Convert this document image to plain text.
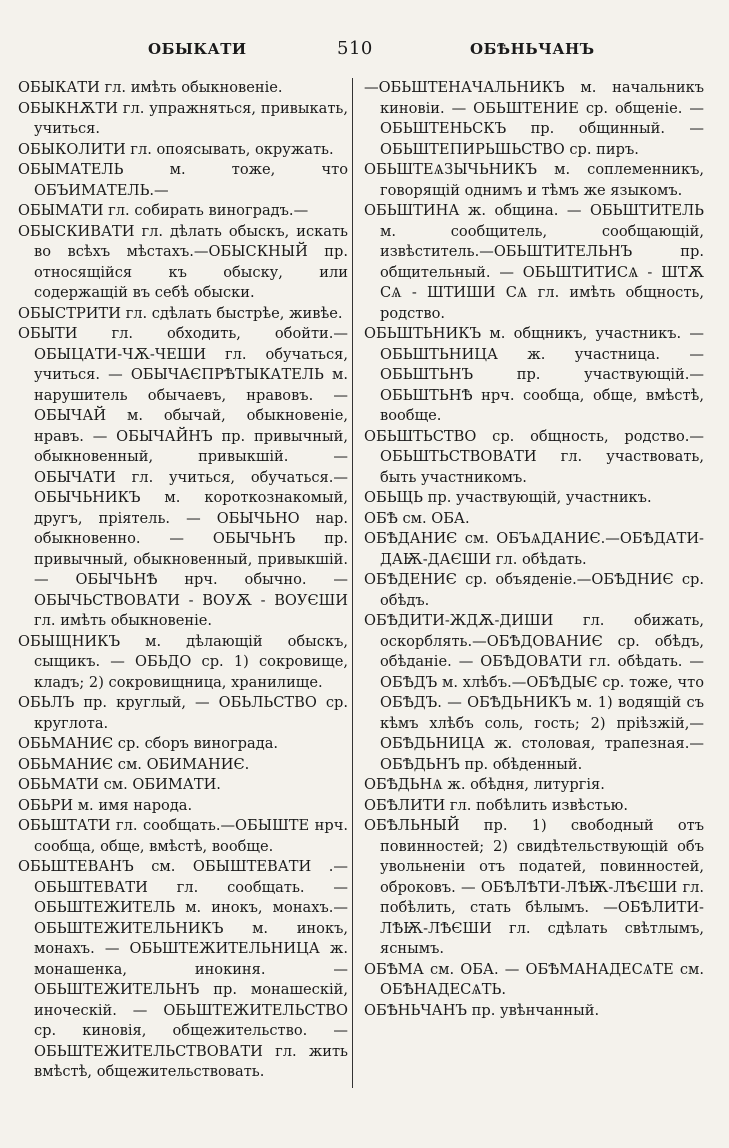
ОБЫКАТИ	510	ОБѢНЬЧАНЪ

ОБЫКАТИ гл. имѣть обыкновеніе.

ОБЫКНѪТИ гл. упражняться, привыкать, учиться.

ОБЫКОЛИТИ гл. опоясывать, окружать.

ОБЫМАТЕЛЬ м. тоже, что ОБЪИМАТЕЛЬ.—

ОБЫМАТИ гл. собирать виноградъ.—

ОБЫСКИВАТИ гл. дѣлать обыскъ, искать во всѣхъ мѣстахъ.—ОБЫСКНЫЙ пр. относящійся къ обыску, или содержащій въ себѣ обыски.

ОБЫСТРИТИ гл. сдѣлать быстрѣе, живѣе.

ОБЫТИ гл. обходить, обойти.—ОБЫЦАТИ-ЧѪ-ЧЕШИ гл. обучаться, учиться. — ОБЫЧАЄПРѢТЫКАТЕЛЬ м. нарушитель обычаевъ, нравовъ. — ОБЫЧАЙ м. обычай, обыкновеніе, нравъ. — ОБЫЧАЙНЪ пр. привычный, обыкновенный, привыкшій. — ОБЫЧАТИ гл. учиться, обучаться.—ОБЫЧЬНИКЪ м. короткознакомый, другъ, пріятель. — ОБЫЧЬНО нар. обыкновенно. — ОБЫЧЬНЪ пр. привычный, обыкновенный, привыкшій. — ОБЫЧЬНѢ нрч. обычно. — ОБЫЧЬСТВОВАТИ - ВОУѪ - ВОУЄШИ гл. имѣть обыкновеніе.

ОБЫЩНИКЪ м. дѣлающій обыскъ, сыщикъ. — ОБЬДО ср. 1) сокровище, кладъ; 2) сокровищница, хранилище.

ОБЬЛЪ пр. круглый, — ОБЬЛЬСТВО ср. круглота.

ОБЬМАНИЄ ср. сборъ винограда.

ОБЬМАНИЄ см. ОБИМАНИЄ.

ОБЬМАТИ см. ОБИМАТИ.

ОБЬРИ м. имя народа.

ОБЬШТАТИ гл. сообщать.—ОБЫШТЕ нрч. сообща, обще, вмѣстѣ, вообще.

ОБЬШТЕВАНЪ см. ОБЫШТЕВАТИ .— ОБЬШТЕВАТИ гл. сообщать. — ОБЬШТЕЖИТЕЛЬ м. инокъ, монахъ.—ОБЬШТЕЖИТЕЛЬНИКЪ м. инокъ, монахъ. — ОБЬШТЕЖИТЕЛЬНИЦА ж. монашенка, инокиня. — ОБЬШТЕЖИТЕЛЬНЪ пр. монашескій, иноческій. — ОБЬШТЕЖИТЕЛЬСТВО ср. киновія, общежительство. — ОБЬШТЕЖИТЕЛЬСТВОВАТИ гл. жить вмѣстѣ, общежительствовать.

—ОБЬШТЕНАЧАЛЬНИКЪ м. начальникъ киновіи. — ОБЬШТЕНИЕ ср. общеніе. —ОБЬШТЕНЬСКЪ пр. общинный. — ОБЬШТЕПИРЬШЬСТВО ср. пиръ.

ОБЬШТЕѦЗЫЧЬНИКЪ м. соплеменникъ, говорящій однимъ и тѣмъ же языкомъ.

ОБЬШТИНА ж. община. — ОБЬШТИТЕЛЬ м. сообщитель, сообщающій, извѣститель.—ОБЬШТИТЕЛЬНЪ пр. общительный. — ОБЬШТИТИСѦ - ШТѪ СѦ - ШТИШИ СѦ гл. имѣть общность, родство.

ОБЬШТЬНИКЪ м. общникъ, участникъ. — ОБЬШТЬНИЦА ж. участница. — ОБЬШТЬНЪ пр. участвующій.— ОБЬШТЬНѢ нрч. сообща, обще, вмѣстѣ, вообще.

ОБЬШТЬСТВО ср. общность, родство.— ОБЬШТЬСТВОВАТИ гл. участвовать, быть участникомъ.

ОБЬЩЬ пр. участвующій, участникъ.

ОБѢ см. ОБА.

ОБѢДАНИЄ см. ОБЪѦДАНИЄ.—ОБѢДАТИ-ДАѬ-ДАЄШИ гл. обѣдать.

ОБѢДЕНИЄ ср. объяденіе.—ОБѢДНИЄ ср. обѣдъ.

ОБѢДИТИ-ЖДѪ-ДИШИ гл. обижать, оскорблять.—ОБѢДОВАНИЄ ср. обѣдъ, обѣданіе. — ОБѢДОВАТИ гл. обѣдать. —ОБѢДЪ м. хлѣбъ.—ОБѢДЫЄ ср. тоже, что ОБѢДЪ. — ОБѢДЬНИКЪ м. 1) водящій съ кѣмъ хлѣбъ соль, гость; 2) пріѣзжій,—ОБѢДЬНИЦА ж. столовая, трапезная.—ОБѢДЬНЪ пр. обѣденный.

ОБѢДЬНѦ ж. обѣдня, литургія.

ОБѢЛИТИ гл. побѣлить извѣстью.

ОБѢЛЬНЫЙ пр. 1) свободный отъ повинностей; 2) свидѣтельствующій объ увольненіи отъ податей, повинностей, оброковъ. — ОБѢЛѢТИ-ЛѢѬ-ЛѢЄШИ гл. побѣлить, стать бѣлымъ. —ОБѢЛИТИ-ЛѢѬ-ЛѢЄШИ гл. сдѣлать свѣтлымъ, яснымъ.

ОБѢМА см. ОБА. — ОБѢМАНАДЕСѦТЕ см. ОБѢНАДЕСѦТЬ.

ОБѢНЬЧАНЪ пр. увѣнчанный.
